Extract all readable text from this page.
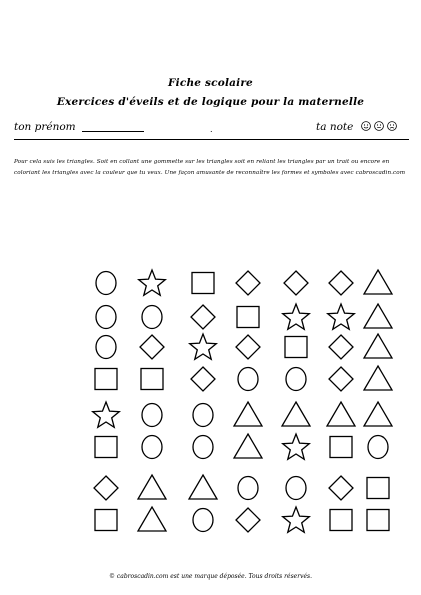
Fiche scolaire
Exercices d'éveils et de logique pour la maternelle
ton prénom	.	ta note
Pour cela suis les triangles. Soit en collant une gommette sur les triangles soit en reliant les triangles par un trait ou encore en coloriant les triangles avec la couleur que tu veux. Une façon amusante de reconnaître les formes et symboles avec cabroscadin.com
© cabroscadin.com est une marque déposée. Tous droits réservés.
